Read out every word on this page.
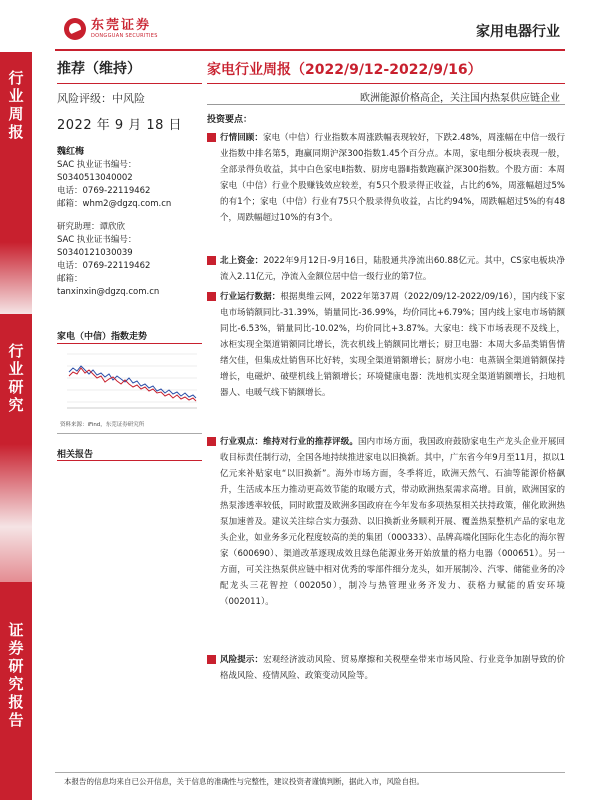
东莞证券
DONGGUAN SECURITIES	家用电器行业
行业周报
行业研究
证券研究报告
推荐（维持）
风险评级：中风险
2022 年 9 月 18 日
魏红梅
SAC 执业证书编号：
S0340513040002
电话：0769-22119462
邮箱：whm2@dgzq.com.cn
研究助理：谭欣欣
SAC 执业证书编号：
S0340121030039
电话：0769-22119462
邮箱：
tanxinxin@dgzq.com.cn
家电（中信）指数走势
资料来源：iFind，东莞证券研究所
相关报告
家电行业周报（2022/9/12-2022/9/16）
欧洲能源价格高企，关注国内热泵供应链企业
投资要点：
行情回顾：家电（中信）行业指数本周涨跌幅表现较好，下跌2.48%，周涨幅在中信一级行业指数中排名第5，跑赢同期沪深300指数1.45个百分点。本周，家电细分板块表现一般，全部录得负收益，其中白色家电Ⅱ指数、厨房电器Ⅱ指数跑赢沪深300指数。个股方面：本周家电（中信）行业个股赚钱效应较差，有5只个股录得正收益，占比约6%，周涨幅超过5%的有1个；家电（中信）行业有75只个股录得负收益，占比约94%，周跌幅超过5%的有48个，周跌幅超过10%的有3个。
北上资金：2022年9月12日-9月16日，陆股通共净流出60.88亿元。其中，CS家电板块净流入2.11亿元，净流入金额位居中信一级行业的第7位。
行业运行数据：根据奥维云网，2022年第37周（2022/09/12-2022/09/16），国内线下家电市场销额同比-31.39%，销量同比-36.99%，均价同比+6.79%；国内线上家电市场销额同比-6.53%，销量同比-10.02%，均价同比+3.87%。大家电：线下市场表现不及线上，冰柜实现全渠道销额同比增长，洗衣机线上销额同比增长；厨卫电器：本周大多品类销售情绪欠佳，但集成灶销售环比好转，实现全渠道销额增长；厨房小电：电蒸锅全渠道销额保持增长，电磁炉、破壁机线上销额增长；环境健康电器：洗地机实现全渠道销额增长，扫地机器人、电暖气线下销额增长。
行业观点：维持对行业的推荐评级。国内市场方面，我国政府鼓励家电生产龙头企业开展回收目标责任制行动，全国各地持续推进家电以旧换新。其中，广东省今年9月至11月，拟以1亿元来补贴家电“以旧换新”。海外市场方面，冬季将近，欧洲天然气、石油等能源价格飙升，生活成本压力推动更高效节能的取暖方式，带动欧洲热泵需求高增。目前，欧洲国家的热泵渗透率较低，同时欧盟及欧洲多国政府在今年发布多项热泵相关扶持政策，催化欧洲热泵加速普及。建议关注综合实力强劲、以旧换新业务顺利开展、覆盖热泵整机产品的家电龙头企业，如业务多元化程度较高的美的集团（000333）、品牌高端化国际化生态化的海尔智家（600690）、渠道改革逐现成效且绿色能源业务开始放量的格力电器（000651）。另一方面，可关注热泵供应链中相对优秀的零部件细分龙头，如开展制冷、汽零、储能业务的冷配龙头三花智控（002050），制冷与热管理业务齐发力、获格力赋能的盾安环境（002011）。
风险提示：宏观经济波动风险、贸易摩擦和关税壁垒带来市场风险、行业竞争加剧导致的价格战风险、疫情风险、政策变动风险等。
本报告的信息均来自已公开信息，关于信息的准确性与完整性，建议投资者谨慎判断，据此入市，风险自担。
